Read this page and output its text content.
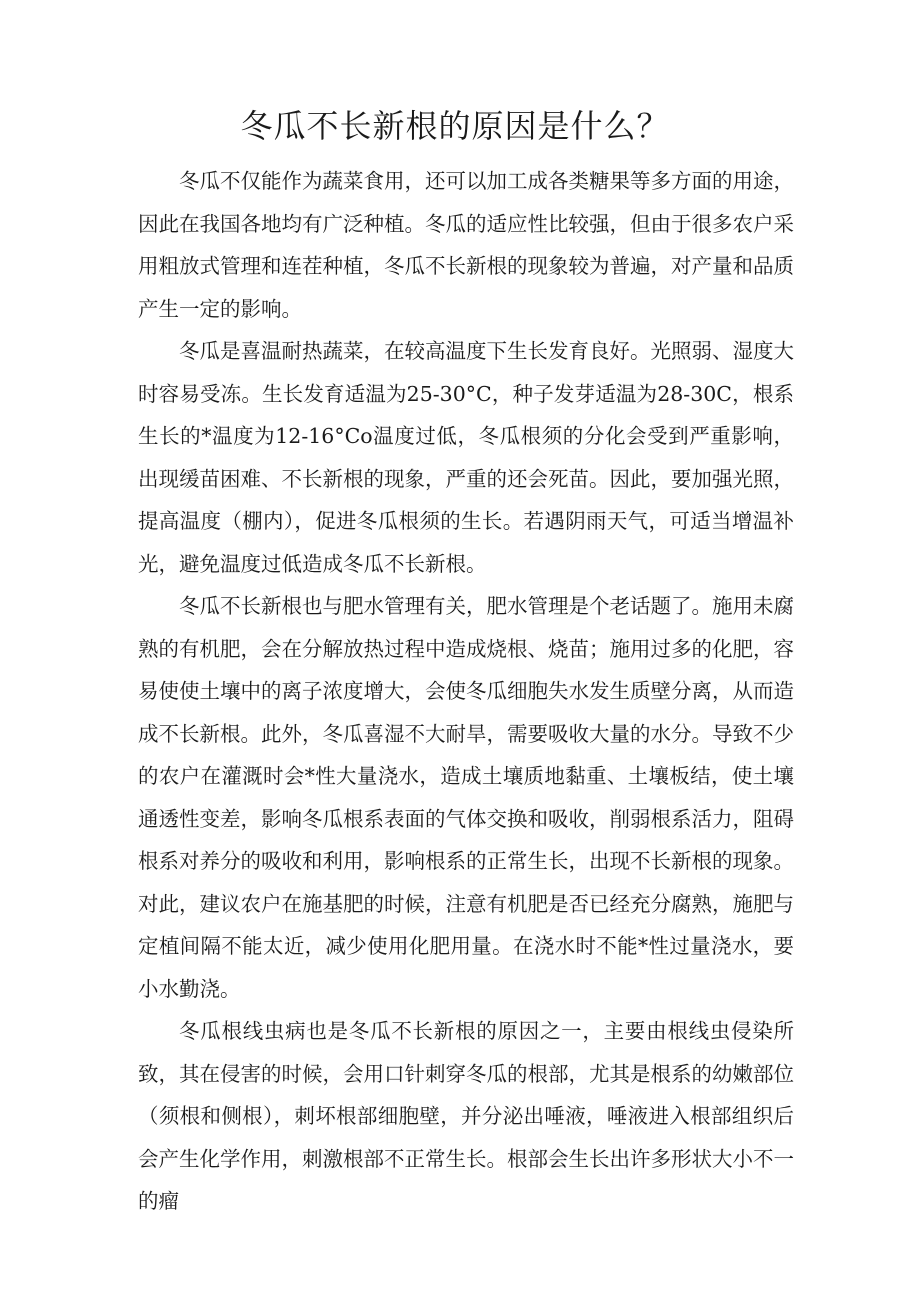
冬瓜不长新根的原因是什么？

冬瓜不仅能作为蔬菜食用，还可以加工成各类糖果等多方面的用途，因此在我国各地均有广泛种植。冬瓜的适应性比较强，但由于很多农户采用粗放式管理和连茬种植，冬瓜不长新根的现象较为普遍，对产量和品质产生一定的影响。

冬瓜是喜温耐热蔬菜，在较高温度下生长发育良好。光照弱、湿度大时容易受冻。生长发育适温为25-30°C，种子发芽适温为28-30C，根系生长的*温度为12-16°Co温度过低，冬瓜根须的分化会受到严重影响，出现缓苗困难、不长新根的现象，严重的还会死苗。因此，要加强光照，提高温度（棚内），促进冬瓜根须的生长。若遇阴雨天气，可适当增温补光，避免温度过低造成冬瓜不长新根。

冬瓜不长新根也与肥水管理有关，肥水管理是个老话题了。施用未腐熟的有机肥，会在分解放热过程中造成烧根、烧苗；施用过多的化肥，容易使使土壤中的离子浓度增大，会使冬瓜细胞失水发生质壁分离，从而造成不长新根。此外，冬瓜喜湿不大耐旱，需要吸收大量的水分。导致不少的农户在灌溉时会*性大量浇水，造成土壤质地黏重、土壤板结，使土壤通透性变差，影响冬瓜根系表面的气体交换和吸收，削弱根系活力，阻碍根系对养分的吸收和利用，影响根系的正常生长，出现不长新根的现象。对此，建议农户在施基肥的时候，注意有机肥是否已经充分腐熟，施肥与定植间隔不能太近，减少使用化肥用量。在浇水时不能*性过量浇水，要小水勤浇。

冬瓜根线虫病也是冬瓜不长新根的原因之一，主要由根线虫侵染所致，其在侵害的时候，会用口针刺穿冬瓜的根部，尤其是根系的幼嫩部位（须根和侧根），刺坏根部细胞壁，并分泌出唾液，唾液进入根部组织后会产生化学作用，刺激根部不正常生长。根部会生长出许多形状大小不一的瘤
